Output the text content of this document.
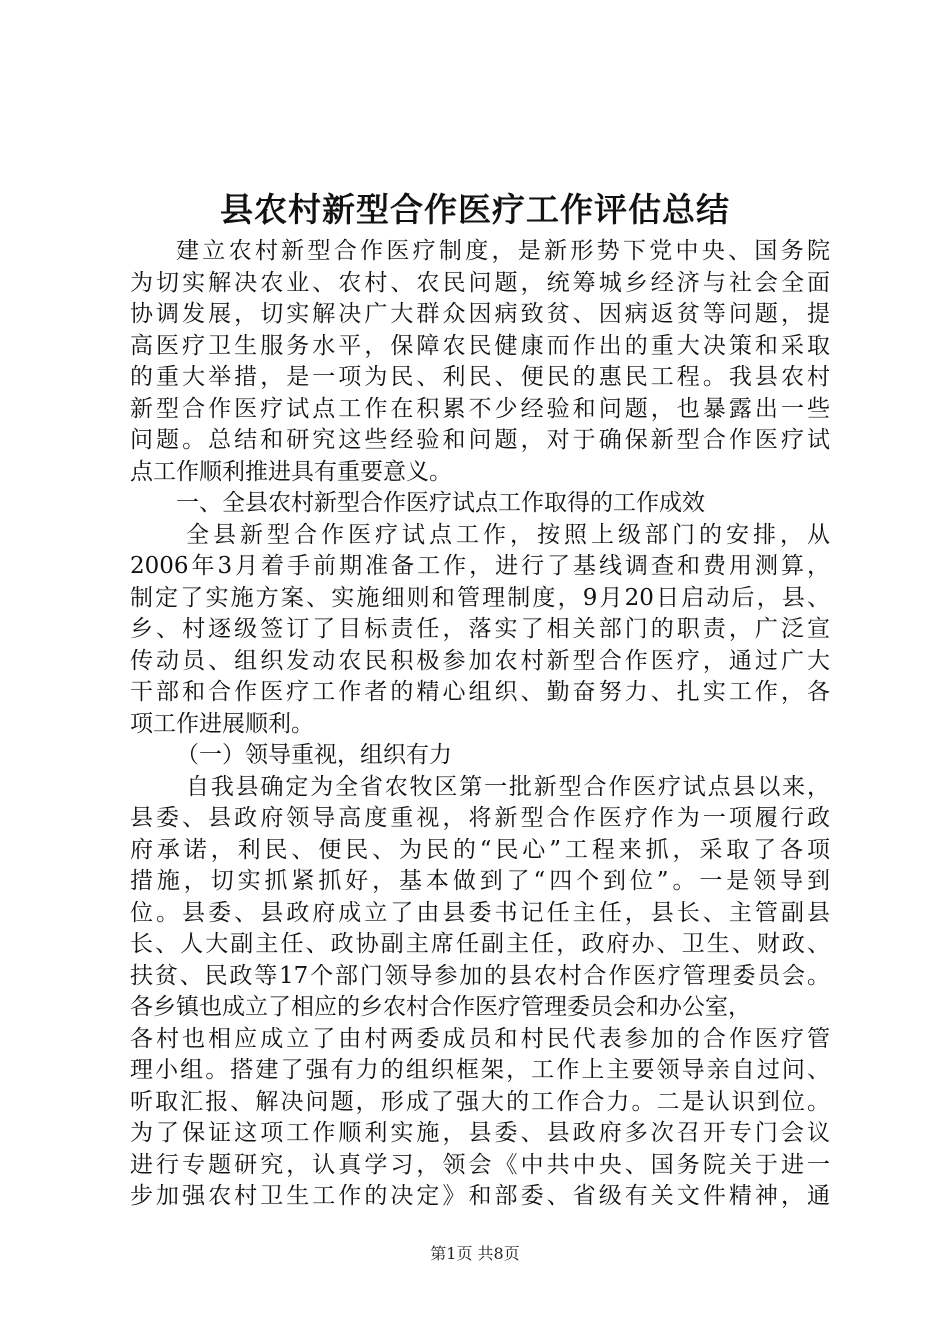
县农村新型合作医疗工作评估总结
建立农村新型合作医疗制度，是新形势下党中央、国务院
为切实解决农业、农村、农民问题，统筹城乡经济与社会全面
协调发展，切实解决广大群众因病致贫、因病返贫等问题，提
高医疗卫生服务水平，保障农民健康而作出的重大决策和采取
的重大举措，是一项为民、利民、便民的惠民工程。我县农村
新型合作医疗试点工作在积累不少经验和问题，也暴露出一些
问题。总结和研究这些经验和问题，对于确保新型合作医疗试
点工作顺利推进具有重要意义。
一、全县农村新型合作医疗试点工作取得的工作成效
全县新型合作医疗试点工作，按照上级部门的安排，从
2006年3月着手前期准备工作，进行了基线调查和费用测算，
制定了实施方案、实施细则和管理制度，9月20日启动后，县、
乡、村逐级签订了目标责任，落实了相关部门的职责，广泛宣
传动员、组织发动农民积极参加农村新型合作医疗，通过广大
干部和合作医疗工作者的精心组织、勤奋努力、扎实工作，各
项工作进展顺利。
（一）领导重视，组织有力
自我县确定为全省农牧区第一批新型合作医疗试点县以来，
县委、县政府领导高度重视，将新型合作医疗作为一项履行政
府承诺，利民、便民、为民的“民心”工程来抓，采取了各项
措施，切实抓紧抓好，基本做到了“四个到位”。一是领导到
位。县委、县政府成立了由县委书记任主任，县长、主管副县
长、人大副主任、政协副主席任副主任，政府办、卫生、财政、
扶贫、民政等17个部门领导参加的县农村合作医疗管理委员会。
各乡镇也成立了相应的乡农村合作医疗管理委员会和办公室，
各村也相应成立了由村两委成员和村民代表参加的合作医疗管
理小组。搭建了强有力的组织框架，工作上主要领导亲自过问、
听取汇报、解决问题，形成了强大的工作合力。二是认识到位。
为了保证这项工作顺利实施，县委、县政府多次召开专门会议
进行专题研究，认真学习，领会《中共中央、国务院关于进一
步加强农村卫生工作的决定》和部委、省级有关文件精神，通
第1页 共8页
